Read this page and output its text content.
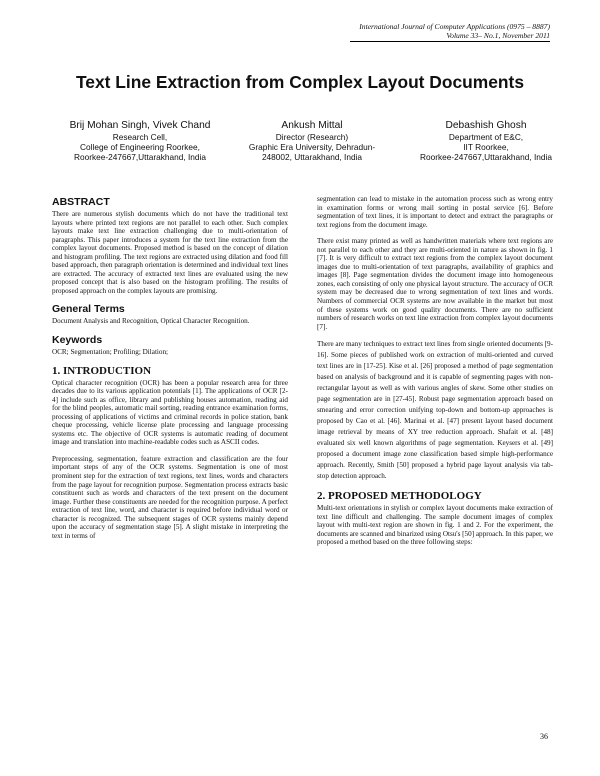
International Journal of Computer Applications (0975 – 8887)
Volume 33– No.1, November 2011
Text Line Extraction from Complex Layout Documents
Brij Mohan Singh, Vivek Chand
Research Cell,
College of Engineering Roorkee,
Roorkee-247667,Uttarakhand, India
Ankush Mittal
Director (Research)
Graphic Era University, Dehradun-
248002, Uttarakhand, India
Debashish Ghosh
Department of E&C,
IIT Roorkee,
Roorkee-247667,Uttarakhand, India
ABSTRACT

There are numerous stylish documents which do not have the traditional text layouts where printed text regions are not parallel to each other. Such complex layouts make text line extraction challenging due to multi-orientation of paragraphs. This paper introduces a system for the text line extraction from the complex layout documents. Proposed method is based on the concept of dilation and histogram profiling. The text regions are extracted using dilation and food fill based approach, then paragraph orientation is determined and individual text lines are extracted. The accuracy of extracted text lines are evaluated using the new proposed concept that is also based on the histogram profiling. The results of proposed approach on the complex layouts are promising.

General Terms

Document Analysis and Recognition, Optical Character Recognition.

Keywords

OCR; Segmentation; Profiling; Dilation;

1. INTRODUCTION

Optical character recognition (OCR) has been a popular research area for three decades due to its various application potentials [1]. The applications of OCR [2-4] include such as office, library and publishing houses automation, reading aid for the blind peoples, automatic mail sorting, reading entrance examination forms, processing of applications of victims and criminal records in police station, bank cheque processing, vehicle license plate processing and language processing systems etc. The objective of OCR systems is automatic reading of document image and translation into machine-readable codes such as ASCII codes.

Preprocessing, segmentation, feature extraction and classification are the four important steps of any of the OCR systems. Segmentation is one of most prominent step for the extraction of text regions, text lines, words and characters from the page layout for recognition purpose. Segmentation process extracts basic constituent such as words and characters of the text present on the document image. Further these constituents are needed for the recognition purpose. A perfect extraction of text line, word, and character is required before individual word or character is recognized. The subsequent stages of OCR systems mainly depend upon the accuracy of segmentation stage [5]. A slight mistake in interpreting the text in terms of

segmentation can lead to mistake in the automation process such as wrong entry in examination forms or wrong mail sorting in postal service [6]. Before segmentation of text lines, it is important to detect and extract the paragraphs or text regions from the document image.

There exist many printed as well as handwritten materials where text regions are not parallel to each other and they are multi-oriented in nature as shown in fig. 1 [7]. It is very difficult to extract text regions from the complex layout document images due to multi-orientation of text paragraphs, availability of graphics and images [8]. Page segmentation divides the document image into homogeneous zones, each consisting of only one physical layout structure. The accuracy of OCR system may be decreased due to wrong segmentation of text lines and words. Numbers of commercial OCR systems are now available in the market but most of these systems work on good quality documents. There are no sufficient numbers of research works on text line extraction from complex layout documents [7].

There are many techniques to extract text lines from single oriented documents [9-16]. Some pieces of published work on extraction of multi-oriented and curved text lines are in [17-25]. Kise et al. [26] proposed a method of page segmentation based on analysis of background and it is capable of segmenting pages with non-rectangular layout as well as with various angles of skew. Some other studies on page segmentation are in [27-45]. Robust page segmentation approach based on smearing and error correction unifying top-down and bottom-up approaches is proposed by Cao et al. [46]. Marinai et al. [47] present layout based document image retrieval by means of XY tree reduction approach. Shafait et al. [48] evaluated six well known algorithms of page segmentation. Keysers et al. [49] proposed a document image zone classification based simple high-performance approach. Recently, Smith [50] proposed a hybrid page layout analysis via tab-stop detection approach.

2. PROPOSED METHODOLOGY

Multi-text orientations in stylish or complex layout documents make extraction of text line difficult and challenging. The sample document images of complex layout with multi-text region are shown in fig. 1 and 2. For the experiment, the documents are scanned and binarized using Otsu's [50] approach. In this paper, we proposed a method based on the three following steps:

36
